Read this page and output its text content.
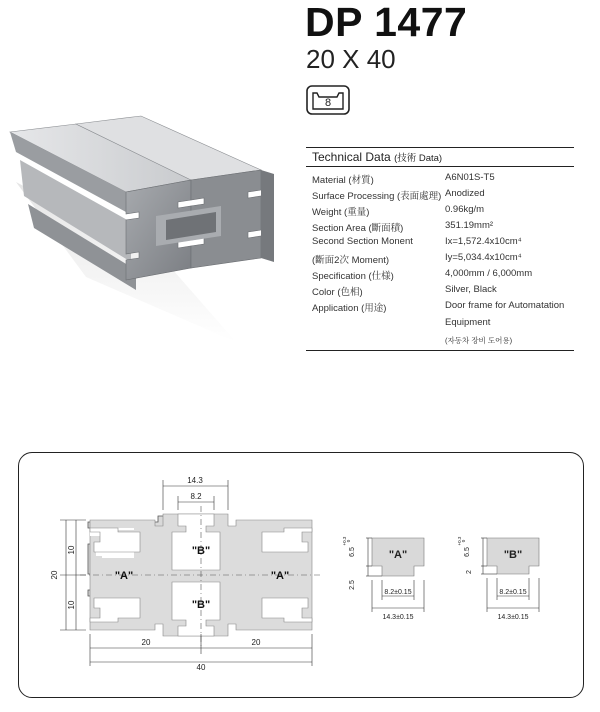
DP 1477
20 X 40
8
Technical Data (技術 Data)
Material (材質)	A6N01S-T5
Surface Processing (表面處理) Anodized
Weight (重量)	0.96kg/m
Section Area (斷面積)	351.19mm²
Second Section Monent	Ix=1,572.4x10cm⁴
(斷面2次 Moment)	Iy=5,034.4x10cm⁴
Specification (仕様)	4,000mm / 6,000mm
Color (色相)	Silver, Black
Application (用途)	Door frame for Automatation
Equipment
(자동차 장비 도어용)
14.3
8.2
10
10
20
20	20
40
"B"
"B"
"A"	"A"
"A"
6.5
+0.3 0
2.5
8.2±0.15
14.3±0.15
"B"
6.5
+0.3 0
2
8.2±0.15
14.3±0.15
